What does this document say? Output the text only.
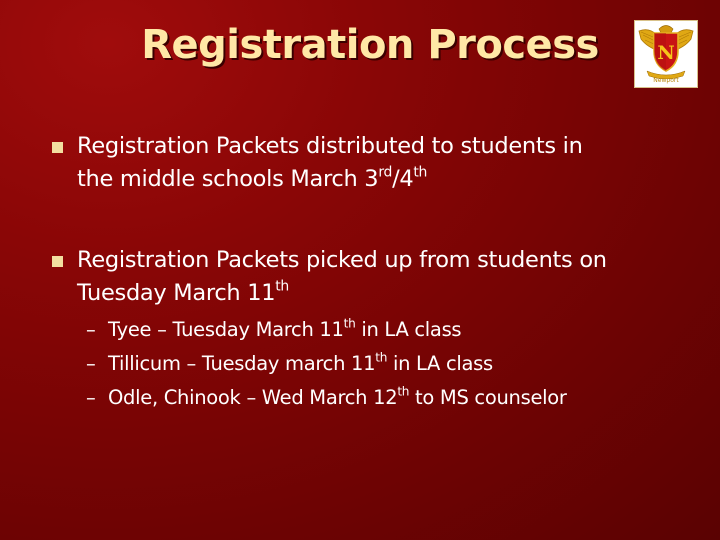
Registration Process	N
Newport
Registration Packets distributed to students in
the middle schools March 3rd/4th
Registration Packets picked up from students on
Tuesday March 11th
– Tyee – Tuesday March 11th in LA class
– Tillicum – Tuesday march 11th in LA class
– Odle, Chinook – Wed March 12th to MS counselor
